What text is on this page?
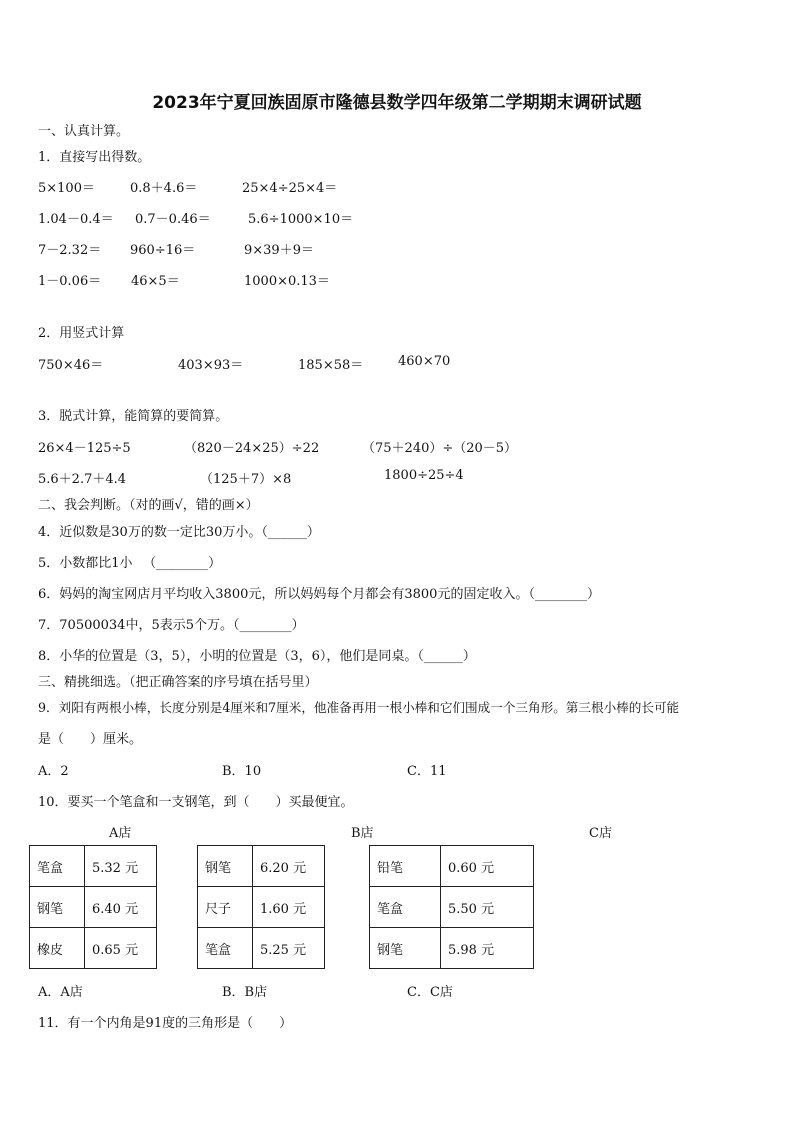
2023年宁夏回族固原市隆德县数学四年级第二学期期末调研试题
一、认真计算。
1．直接写出得数。
5×100＝	0.8＋4.6＝	25×4÷25×4＝
1.04－0.4＝ 0.7－0.46＝	5.6÷1000×10＝
7－2.32＝ 960÷16＝	9×39＋9＝
1－0.06＝ 46×5＝	1000×0.13＝
2．用竖式计算
750×46＝	403×93＝	185×58＝	460×70
3．脱式计算，能简算的要简算。
26×4－125÷5	（820－24×25）÷22	（75＋240）÷（20－5）
5.6＋2.7＋4.4	（125＋7）×8	1800÷25÷4
二、我会判断。（对的画√，错的画×）
4．近似数是30万的数一定比30万小。（______）
5．小数都比1小 　（________）
6．妈妈的淘宝网店月平均收入3800元，所以妈妈每个月都会有3800元的固定收入。（________）
7．70500034中，5表示5个万。（________）
8．小华的位置是（3，5），小明的位置是（3，6），他们是同桌。（______）
三、精挑细选。（把正确答案的序号填在括号里）
9．刘阳有两根小棒，长度分别是4厘米和7厘米，他准备再用一根小棒和它们围成一个三角形。第三根小棒的长可能
是（　　）厘米。
A．2	B．10	C．11
10．要买一个笔盒和一支钢笔，到（　　）买最便宜。
A店	B店	C店
笔盒	5.32 元
钢笔	6.40 元
橡皮	0.65 元
钢笔	6.20 元
尺子	1.60 元
笔盒	5.25 元
铅笔	0.60 元
笔盒	5.50 元
钢笔	5.98 元
A．A店	B．B店	C．C店
11．有一个内角是91度的三角形是（　　）
